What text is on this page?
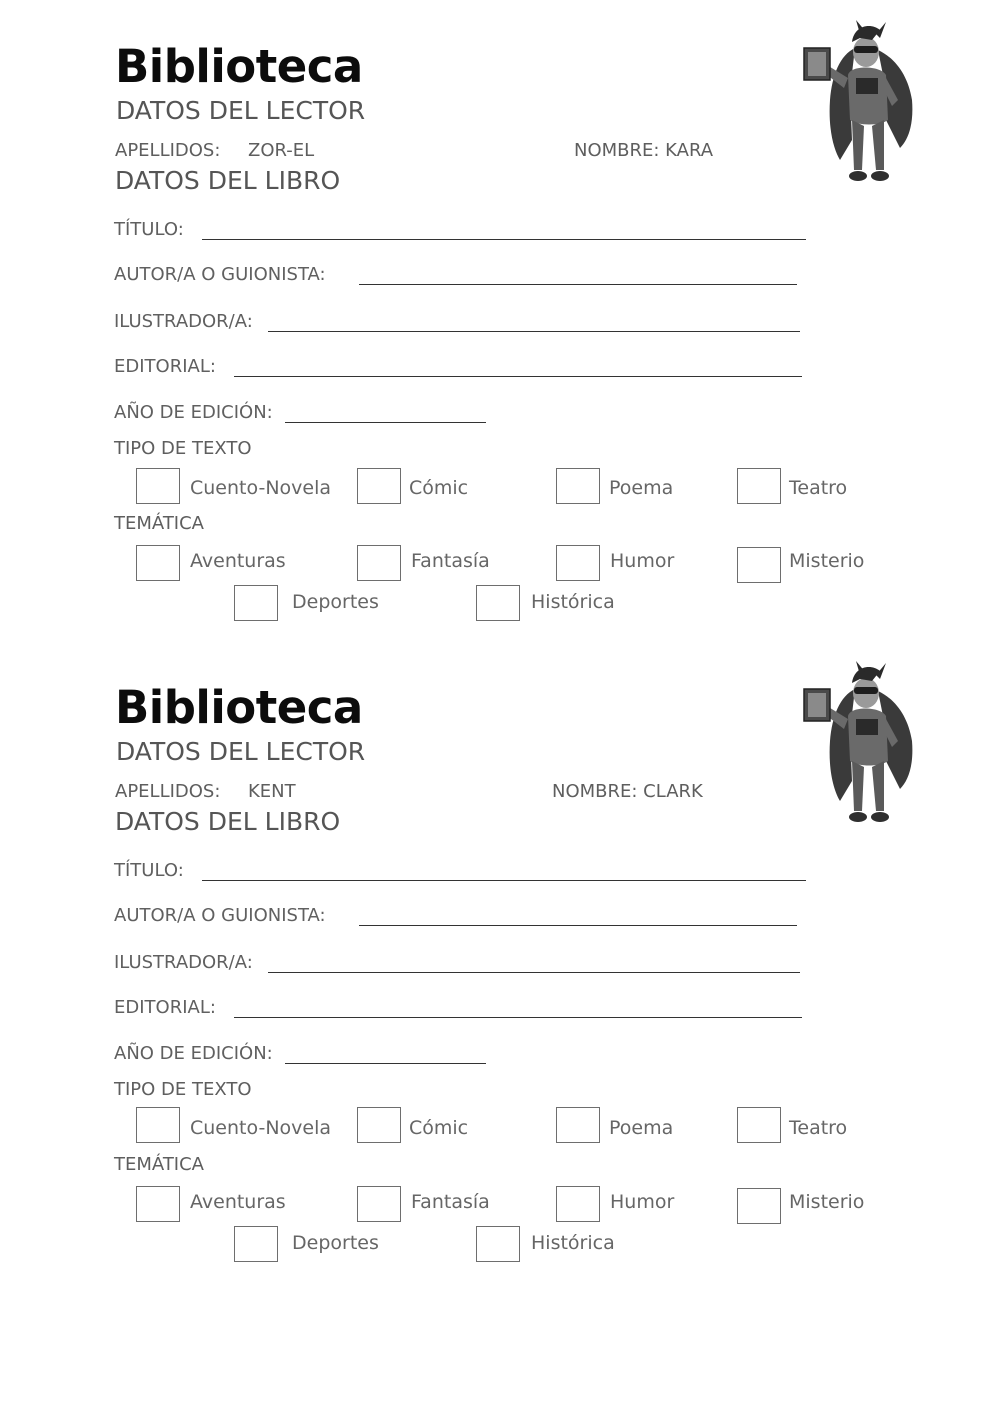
Biblioteca
DATOS DEL LECTOR
APELLIDOS: ZOR-EL	NOMBRE: KARA
DATOS DEL LIBRO
TÍTULO:
AUTOR/A O GUIONISTA:
ILUSTRADOR/A:
EDITORIAL:
AÑO DE EDICIÓN:
TIPO DE TEXTO
Cuento-Novela	Cómic	Poema	Teatro
TEMÁTICA
Aventuras	Fantasía	Humor	Misterio
Deportes	Histórica
Biblioteca
DATOS DEL LECTOR
APELLIDOS: KENT	NOMBRE: CLARK
DATOS DEL LIBRO
TÍTULO:
AUTOR/A O GUIONISTA:
ILUSTRADOR/A:
EDITORIAL:
AÑO DE EDICIÓN:
TIPO DE TEXTO
Cuento-Novela	Cómic	Poema	Teatro
TEMÁTICA
Aventuras	Fantasía	Humor	Misterio
Deportes	Histórica
